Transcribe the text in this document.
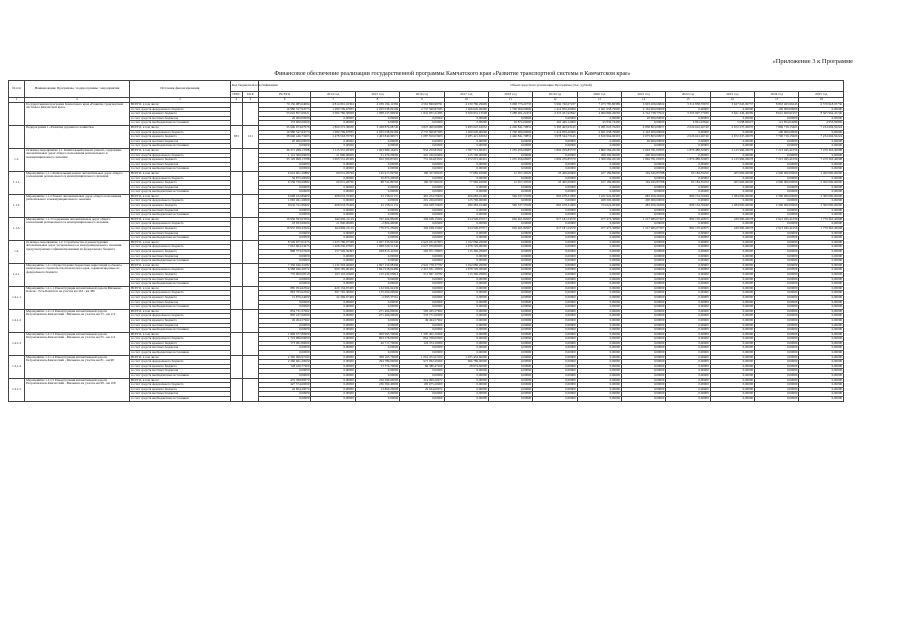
«Приложение 3 к Программе
Финансовое обеспечение реализации государственной программы Камчатского края «Развитие транспортной системы в Камчатском крае»
№ п/п	Наименование Программы / подпрограммы / мероприятия	Источник финансирования	Код бюджетной классификации		Объем средств на реализацию Программы (тыс. рублей)												
			ГРБС	ЦСР	ВСЕГО	2014 год	2015 год	2016 год	2017 год	2018 год	2019 год	2020 год	2021 год	2022 год	2023 год	2024 год	2025 год
1	2	3	4	5	6	7	8	9	10	11	12	13	14	15	16	17	18
	Государственная программа Камчатского края «Развитие транспортной системы в Камчатском крае»	ВСЕГО, в том числе:			70 156 985,64094	4 814 891,16304	4 039 196,12382	4 562 869,98791	4 230 786,29609	5 068 773,22735	5 992 740,07237	7 473 785,80389	6 903 209,66822	3 312 858,70670	3 627 045,09737	8 863 463,96243	6 570 918,05736
		за счет средств федерального бюджета			16 980 527,94773	1 280 709,67835	2 035 038,09169	2 737 590,87383	1 209 626,00000	1 760 000,00000	1 414 859,20000	2 461 058,79900	2 163 000,00000	0,00000	0,00000	100 000,00000	0,00000
		за счет средств краевого бюджета			53 022 857,69321	3 582 780,58068	1 998 237,99930	1 841 957,21085	3 020 931,13528	3 288 901,22474	4 315 431,92842	4 966 890,26059	4 724 738,77922	3 305 997,77030	3 621 346,40099	8 641 609,91957	8 565 964,45740
		за счет средств местных бюджетов			20 000,00000	0,00000	0,00000	0,00000	0,00000	0,00000	0,00000	0,00000	20 000,00000	0,00000	0,00000	0,00000	0,00000
		за счет средств внебюджетных источников			133 600,00000	0,00000	0,00000	0,00000	0,00000	19 872,00000	262 449,12000	45 836,74430	0,00000	6 861,93640	5 698,69627	121 854,04286	4 953,59996
	Подпрограмма 1 «Развитие дорожного хозяйства»	ВСЕГО, в том числе:	833	121	55 666 974,67976	1 860 272,38630	3 438 879,08740	3 825 400,90986	3 495 047,63652	4 200 841,70831	5 393 403,93145	5 281 023,76203	4 838 803,00957	2 026 622,26740	2 672 237,20670	7 800 719,15603	7 234 004,50224
		за счет средств федерального бюджета			16 980 527,94773	1 280 709,67835	2 035 038,09169	2 737 590,87383	1 209 626,00000	1 760 000,00000	1 414 859,20000	2 461 058,79900	2 163 000,00000	0,00000	0,00000	100 000,00000	0,00000
		за счет средств краевого бюджета			38 666 446,73203	1 478 563,70795	1 403 840,99571	1 087 810,03603	2 285 421,63652	2 440 841,70831	3 978 544,73145	2 819 964,96303	2 675 803,00957	2 026 622,26740	2 672 237,20670	7 700 719,15603	7 234 004,50224
		за счет средств местных бюджетов			20 000,00000	0,00000	0,00000	0,00000	0,00000	0,00000	0,00000	0,00000	20 000,00000	0,00000	0,00000	0,00000	0,00000
		за счет средств внебюджетных источников			0,00000	0,00000	0,00000	0,00000	0,00000	0,00000	0,00000	0,00000	0,00000	0,00000	0,00000	0,00000	0,00000
1.1.	Основное мероприятие 1.1. Капитальный ремонт, ремонт, содержание автомобильных дорог общего пользования регионального и межмуниципального значения	ВСЕГО, в том числе:			36 271 298,13788	1 115 331,20309	1 003 980,16491	952 250,83502	1 397 715,00431	1 235 656,66987	1 804 259,85579	1 806 584,20100	2 004 781,09395	1 876 489,32065	2 125 990,26678	7 215 045,41056	7 479 363,40098
		за счет средств федерального бюджета			1 141 300,00000	21 800,00000	51 479,29000	201 226,00000	125 700,00000	0,00000	0,00000	498 300,00000	200 000,00000	0,00000	0,00000	0,00000	0,00000
		за счет средств краевого бюджета			35 129 998,13788	1 093 531,20309	952 500,87491	751 024,83502	1 272 015,00431	1 235 656,66987	1 804 259,85579	1 308 284,20100	1 804 781,09395	1 876 489,32065	2 125 990,26678	7 215 045,41056	7 479 363,40098
		за счет средств местных бюджетов			0,00000	0,00000	0,00000	0,00000	0,00000	0,00000	0,00000	0,00000	0,00000	0,00000	0,00000	0,00000	0,00000
		за счет средств внебюджетных источников			0,00000	0,00000	0,00000	0,00000	0,00000	0,00000	0,00000	0,00000	0,00000	0,00000	0,00000	0,00000	0,00000
1.1.1.	Мероприятие 1.1.1 Капитальный ремонт автомобильных дорог общего пользования регионального и межмуниципального значения	ВСЕГО, в том числе:			6 616 601,20882	60 031,28790	145 617,09760	180 357,98100	77 082,93000	12 657,30520	23 400,00000	107 186,89000	104 045,85788	95 184,35250	405 000,00000	2 000 000,00000	5 400 000,00000
		за счет средств федерального бюджета			56 875,20000	0,00000	56 875,20000	0,00000	0,00000	0,00000	0,00000	0,00000	0,00000	0,00000	0,00000	0,00000	0,00000
		за счет средств краевого бюджета			6 559 726,00882	60 031,28790	88 741,89760	180 357,98100	77 082,93000	12 657,30520	23 400,00000	107 186,89000	104 045,85788	95 184,35250	405 000,00000	2 000 000,00000	5 400 000,00000
		за счет средств местных бюджетов			0,00000	0,00000	0,00000	0,00000	0,00000	0,00000	0,00000	0,00000	0,00000	0,00000	0,00000	0,00000	0,00000
		за счет средств внебюджетных источников			0,00000	0,00000	0,00000	0,00000	0,00000	0,00000	0,00000	0,00000	0,00000	0,00000	0,00000	0,00000	0,00000
1.1.2.	Мероприятие 1.1.2 Ремонт автомобильных дорог общего пользования регионального и межмуниципального значения	ВСЕГО, в том числе:			9 698 102,89402	408 633,70400	91 158,21131	465 254,70400	406 083,10460	566 537,53500	863 678,31000	1 221 924,00300	683 050,26300	899 134,76940	1 284 000,00000	2 300 000,00000	2 300 000,00000
		за счет средств федерального бюджета			1 065 491,20000	0,00000	0,00000	201 226,00000	125 700,00000	0,00000	0,00000	498 300,00000	200 000,00000	0,00000	0,00000	0,00000	0,00000
		за счет средств краевого бюджета			8 632 511,69402	408 633,70400	91 158,21131	264 028,70400	280 383,10460	566 537,53500	863 678,31000	723 624,00300	483 050,26300	899 134,76940	1 284 000,00000	2 300 000,00000	2 300 000,00000
		за счет средств местных бюджетов			0,00000	0,00000	0,00000	0,00000	0,00000	0,00000	0,00000	0,00000	0,00000	0,00000	0,00000	0,00000	0,00000
		за счет средств внебюджетных источников			0,00000	0,00000	0,00000	0,00000	0,00000	0,00000	0,00000	0,00000	0,00000	0,00000	0,00000	0,00000	0,00000
1.1.3.	Мероприятие 1.1.3 Содержание автомобильных дорог общего пользования регионального и межмуниципального значения	ВСЕГО, в том числе:			19 956 593,03504	646 666,21119	767 204,85600	306 638,15002	914 549,97971	656 461,82967	917 181,54579	477 473,30800	1 217 685,07307	882 170,20875	436 990,26678	2 915 045,41056	1 779 363,40098
		за счет средств федерального бюджета			18 933,60000	21 800,00000	-2 866,40000	0,00000	0,00000	0,00000	0,00000	0,00000	0,00000	0,00000	0,00000	0,00000	0,00000
		за счет средств краевого бюджета			19 937 659,43504	624 866,21119	770 071,25600	306 638,15002	914 549,97971	656 461,82967	917 181,54579	477 473,30800	1 217 685,07307	882 170,20875	436 990,26678	2 915 045,41056	1 779 363,40098
		за счет средств местных бюджетов			0,00000	0,00000	0,00000	0,00000	0,00000	0,00000	0,00000	0,00000	0,00000	0,00000	0,00000	0,00000	0,00000
		за счет средств внебюджетных источников			0,00000	0,00000	0,00000	0,00000	0,00000	0,00000	0,00000	0,00000	0,00000	0,00000	0,00000	0,00000	0,00000
1.2.	Основное мероприятие 1.2. Строительство и реконструкция автомобильных дорог регионального и межмуниципального значения, предусмотренных софинансированием из федерального бюджета	ВСЕГО, в том числе:			8 549 977,61275	1 425 780,07328	2 607 333,92346	2 923 931,67903	1 192 086,29000	0,00000	0,00000	0,00000	0,00000	0,00000	0,00000	0,00000	0,00000
		за счет средств федерального бюджета			7 661 604,54275	1 268 230,67835	1 968 520,51346	2 627 959,89000	1 078 720,00000	0,00000	0,00000	0,00000	0,00000	0,00000	0,00000	0,00000	0,00000
		за счет средств краевого бюджета			888 373,07000	157 549,39493	638 813,41000	295 971,78903	113 366,29000	0,00000	0,00000	0,00000	0,00000	0,00000	0,00000	0,00000	0,00000
		за счет средств местных бюджетов			0,00000	0,00000	0,00000	0,00000	0,00000	0,00000	0,00000	0,00000	0,00000	0,00000	0,00000	0,00000	0,00000
		за счет средств внебюджетных источников			0,00000	0,00000	0,00000	0,00000	0,00000	0,00000	0,00000	0,00000	0,00000	0,00000	0,00000	0,00000	0,00000
1.2.1.	Мероприятие 1.2.1 Осуществление бюджетных инвестиций в объекты капитального строительства Камчатского края, софинансируемые из федерального бюджета	ВСЕГО, в том числе:			7 356 046,21082	1 132 303,46000	1 967 150,08300	2 922 778,37782	1 192 086,29000	0,00000	0,00000	0,00000	0,00000	0,00000	0,00000	0,00000	0,00000
		за счет средств федерального бюджета			6 580 046,20572	969 185,00400	1 841 918,02486	2 410 931,18000	1 078 720,00000	0,00000	0,00000	0,00000	0,00000	0,00000	0,00000	0,00000	0,00000
		за счет средств краевого бюджета			776 000,00510	163 118,45600	125 232,05814	511 847,19782	113 366,29000	0,00000	0,00000	0,00000	0,00000	0,00000	0,00000	0,00000	0,00000
		за счет средств местных бюджетов			0,00000	0,00000	0,00000	0,00000	0,00000	0,00000	0,00000	0,00000	0,00000	0,00000	0,00000	0,00000	0,00000
		за счет средств внебюджетных источников			0,00000	0,00000	0,00000	0,00000	0,00000	0,00000	0,00000	0,00000	0,00000	0,00000	0,00000	0,00000	0,00000
1.2.1.1	Мероприятие 1.2.1.1 Реконструкция автомобильной дороги Мильково - Ключи - Усть-Камчатск на участке км 363 - км 380	ВСЕГО, в том числе:			885 054,62562	420 134,97409	132 004,62439	0,00000	0,00000	0,00000	0,00000	0,00000	0,00000	0,00000	0,00000	0,00000	0,00000
		за счет средств федерального бюджета			863 765,02562	397 765,30000	135 000,00000	0,00000	0,00000	0,00000	0,00000	0,00000	0,00000	0,00000	0,00000	0,00000	0,00000
		за счет средств краевого бюджета			21 879,24000	22 369,67409	-2 995,37561	0,00000	0,00000	0,00000	0,00000	0,00000	0,00000	0,00000	0,00000	0,00000	0,00000
		за счет средств местных бюджетов			0,00000	0,00000	0,00000	0,00000	0,00000	0,00000	0,00000	0,00000	0,00000	0,00000	0,00000	0,00000	0,00000
		за счет средств внебюджетных источников			0,00000	0,00000	0,00000	0,00000	0,00000	0,00000	0,00000	0,00000	0,00000	0,00000	0,00000	0,00000	0,00000
1.2.1.2	Мероприятие 1.2.1.2 Реконструкция автомобильной дороги Петропавловск-Камчатский - Мильково на участке км 55 - км 112	ВСЕГО, в том числе:			854 731,57962	0,00000	271 466,00000	583 265,57962	0,00000	0,00000	0,00000	0,00000	0,00000	0,00000	0,00000	0,00000	0,00000
		за счет средств федерального бюджета			805 237,00000	0,00000	271 466,00000	533 771,00000	0,00000	0,00000	0,00000	0,00000	0,00000	0,00000	0,00000	0,00000	0,00000
		за счет средств краевого бюджета			49 494,57962	0,00000	0,00000	49 494,57962	0,00000	0,00000	0,00000	0,00000	0,00000	0,00000	0,00000	0,00000	0,00000
		за счет средств местных бюджетов			0,00000	0,00000	0,00000	0,00000	0,00000	0,00000	0,00000	0,00000	0,00000	0,00000	0,00000	0,00000	0,00000
		за счет средств внебюджетных источников			0,00000	0,00000	0,00000	0,00000	0,00000	0,00000	0,00000	0,00000	0,00000	0,00000	0,00000	0,00000	0,00000
1.2.1.3	Мероприятие 1.2.1.3 Реконструкция автомобильной дороги Петропавловск-Камчатский - Мильково на участке км 55 - км 112	ВСЕГО, в том числе:			1 899 077,80000	0,00000	909 995,70000	1 585 402,10000	0,00000	0,00000	0,00000	0,00000	0,00000	0,00000	0,00000	0,00000	0,00000
		за счет средств федерального бюджета			1 725 986,00000	0,00000	863 278,00000	862 708,00000	0,00000	0,00000	0,00000	0,00000	0,00000	0,00000	0,00000	0,00000	0,00000
		за счет средств краевого бюджета			173 091,80000	0,00000	46 717,70000	126 374,10000	0,00000	0,00000	0,00000	0,00000	0,00000	0,00000	0,00000	0,00000	0,00000
		за счет средств местных бюджетов			0,00000	0,00000	0,00000	0,00000	0,00000	0,00000	0,00000	0,00000	0,00000	0,00000	0,00000	0,00000	0,00000
		за счет средств внебюджетных источников			0,00000	0,00000	0,00000	0,00000	0,00000	0,00000	0,00000	0,00000	0,00000	0,00000	0,00000	0,00000	0,00000
1.2.1.4	Мероприятие 1.2.1.4 Реконструкция автомобильной дороги Петропавловск-Камчатский - Мильково на участке км 81 - км 98	ВСЕГО, в том числе:			2 395 090,97200	0,00000	308 163,70000	1 061 472,67200	1 025 454,60000	0,00000	0,00000	0,00000	0,00000	0,00000	0,00000	0,00000	0,00000
		за счет средств федерального бюджета			2 266 661,20000	0,00000	294 789,00000	975 092,20000	996 780,00000	0,00000	0,00000	0,00000	0,00000	0,00000	0,00000	0,00000	0,00000
		за счет средств краевого бюджета			128 429,77200	0,00000	13 374,70000	86 380,47200	28 674,60000	0,00000	0,00000	0,00000	0,00000	0,00000	0,00000	0,00000	0,00000
		за счет средств местных бюджетов			0,00000	0,00000	0,00000	0,00000	0,00000	0,00000	0,00000	0,00000	0,00000	0,00000	0,00000	0,00000	0,00000
		за счет средств внебюджетных источников			0,00000	0,00000	0,00000	0,00000	0,00000	0,00000	0,00000	0,00000	0,00000	0,00000	0,00000	0,00000	0,00000
1.2.1.5	Мероприятие 1.2.1.5 Реконструкция автомобильной дороги Петропавловск-Камчатский - Мильково на участке км 98 - км 108	ВСЕГО, в том числе:			470 398,80072	0,00000	250 399,60000	219 999,20072	0,00000	0,00000	0,00000	0,00000	0,00000	0,00000	0,00000	0,00000	0,00000
		за счет средств федерального бюджета			427 574,60000	0,00000	236 599,40000	190 975,20000	0,00000	0,00000	0,00000	0,00000	0,00000	0,00000	0,00000	0,00000	0,00000
		за счет средств краевого бюджета			42 824,20072	0,00000	13 800,20000	29 024,00072	0,00000	0,00000	0,00000	0,00000	0,00000	0,00000	0,00000	0,00000	0,00000
		за счет средств местных бюджетов			0,00000	0,00000	0,00000	0,00000	0,00000	0,00000	0,00000	0,00000	0,00000	0,00000	0,00000	0,00000	0,00000
		за счет средств внебюджетных источников			0,00000	0,00000	0,00000	0,00000	0,00000	0,00000	0,00000	0,00000	0,00000	0,00000	0,00000	0,00000	0,00000
